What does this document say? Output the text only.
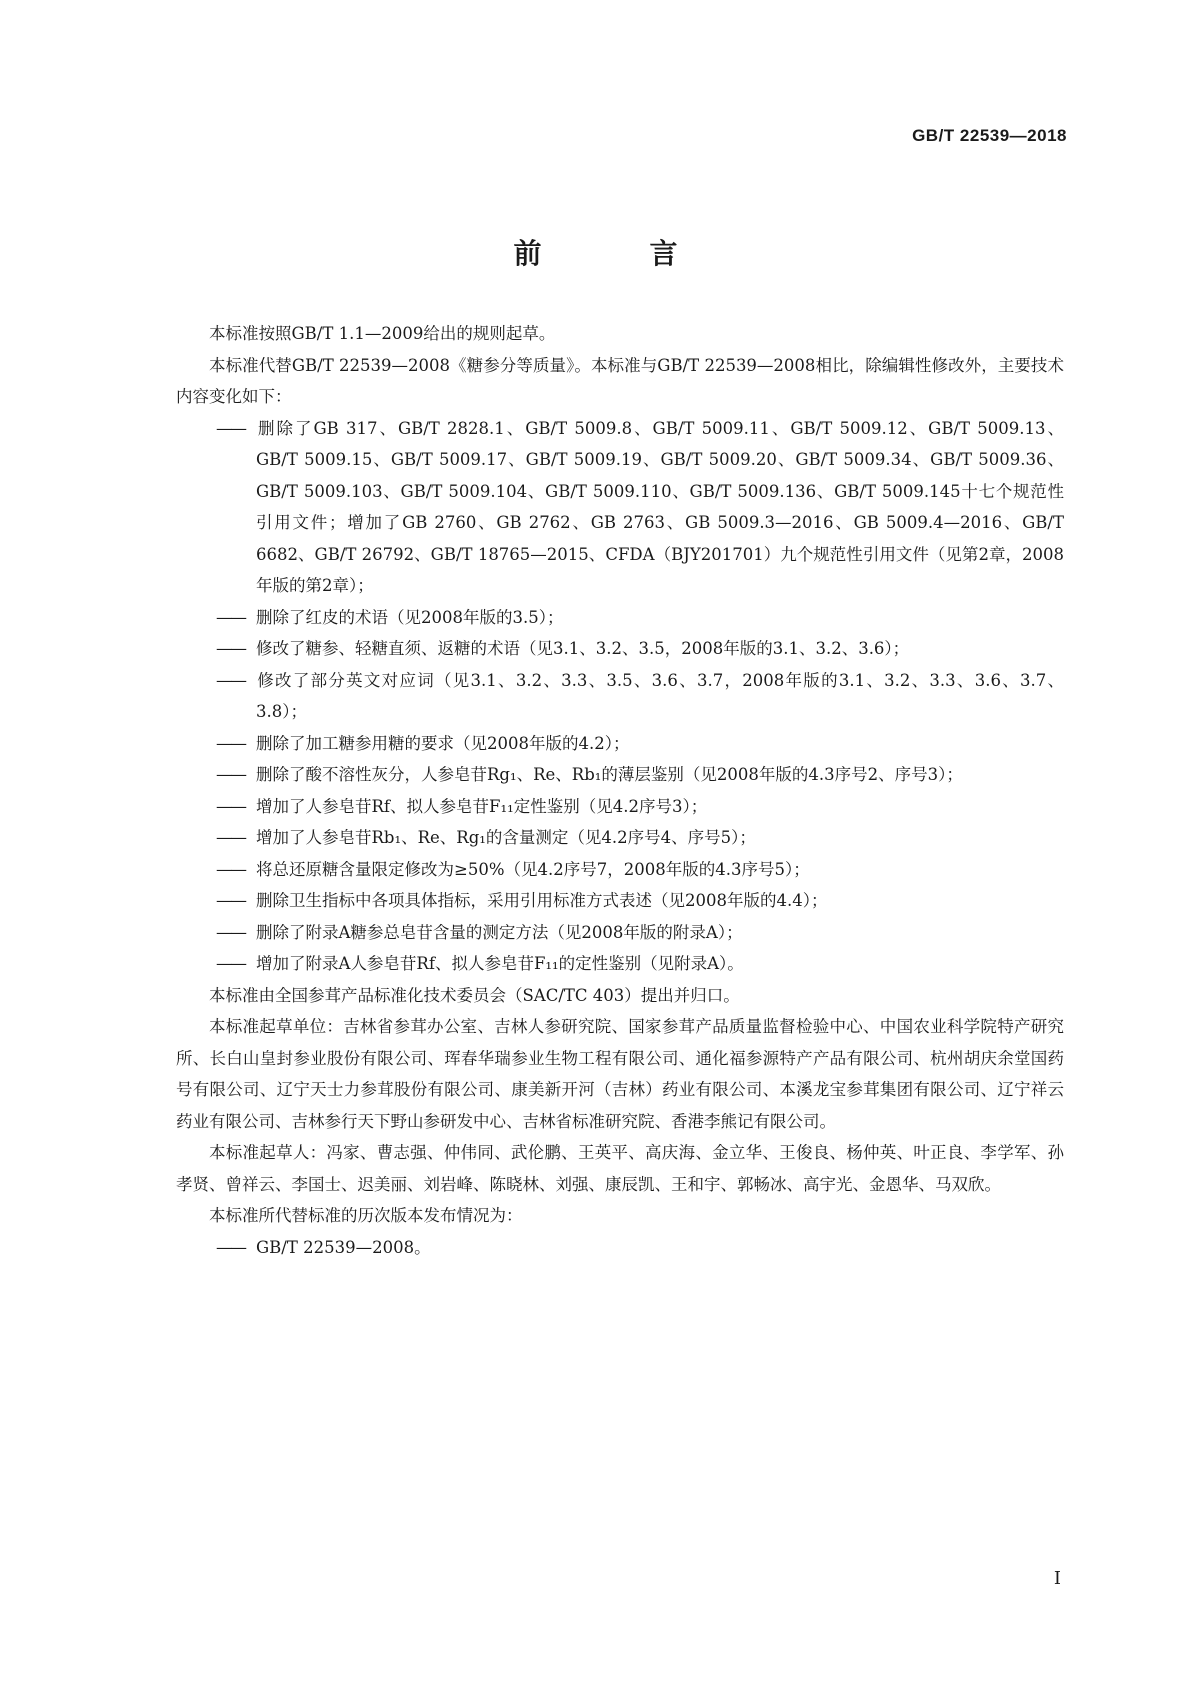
GB/T 22539—2018
前　言

本标准按照GB/T 1.1—2009给出的规则起草。

本标准代替GB/T 22539—2008《糖参分等质量》。本标准与GB/T 22539—2008相比，除编辑性修改外，主要技术内容变化如下：

—— 删除了GB 317、GB/T 2828.1、GB/T 5009.8、GB/T 5009.11、GB/T 5009.12、GB/T 5009.13、GB/T 5009.15、GB/T 5009.17、GB/T 5009.19、GB/T 5009.20、GB/T 5009.34、GB/T 5009.36、GB/T 5009.103、GB/T 5009.104、GB/T 5009.110、GB/T 5009.136、GB/T 5009.145十七个规范性引用文件；增加了GB 2760、GB 2762、GB 2763、GB 5009.3—2016、GB 5009.4—2016、GB/T 6682、GB/T 26792、GB/T 18765—2015、CFDA（BJY201701）九个规范性引用文件（见第2章，2008年版的第2章）；

—— 删除了红皮的术语（见2008年版的3.5）；

—— 修改了糖参、轻糖直须、返糖的术语（见3.1、3.2、3.5，2008年版的3.1、3.2、3.6）；

—— 修改了部分英文对应词（见3.1、3.2、3.3、3.5、3.6、3.7，2008年版的3.1、3.2、3.3、3.6、3.7、3.8）；

—— 删除了加工糖参用糖的要求（见2008年版的4.2）；

—— 删除了酸不溶性灰分，人参皂苷Rg₁、Re、Rb₁的薄层鉴别（见2008年版的4.3序号2、序号3）；

—— 增加了人参皂苷Rf、拟人参皂苷F₁₁定性鉴别（见4.2序号3）；

—— 增加了人参皂苷Rb₁、Re、Rg₁的含量测定（见4.2序号4、序号5）；

—— 将总还原糖含量限定修改为≥50%（见4.2序号7，2008年版的4.3序号5）；

—— 删除卫生指标中各项具体指标，采用引用标准方式表述（见2008年版的4.4）；

—— 删除了附录A糖参总皂苷含量的测定方法（见2008年版的附录A）；

—— 增加了附录A人参皂苷Rf、拟人参皂苷F₁₁的定性鉴别（见附录A）。

本标准由全国参茸产品标准化技术委员会（SAC/TC 403）提出并归口。

本标准起草单位：吉林省参茸办公室、吉林人参研究院、国家参茸产品质量监督检验中心、中国农业科学院特产研究所、长白山皇封参业股份有限公司、珲春华瑞参业生物工程有限公司、通化福参源特产产品有限公司、杭州胡庆余堂国药号有限公司、辽宁天士力参茸股份有限公司、康美新开河（吉林）药业有限公司、本溪龙宝参茸集团有限公司、辽宁祥云药业有限公司、吉林参行天下野山参研发中心、吉林省标准研究院、香港李熊记有限公司。

本标准起草人：冯家、曹志强、仲伟同、武伦鹏、王英平、高庆海、金立华、王俊良、杨仲英、叶正良、李学军、孙孝贤、曾祥云、李国士、迟美丽、刘岩峰、陈晓林、刘强、康辰凯、王和宇、郭畅冰、高宇光、金恩华、马双欣。

本标准所代替标准的历次版本发布情况为：

—— GB/T 22539—2008。

I
